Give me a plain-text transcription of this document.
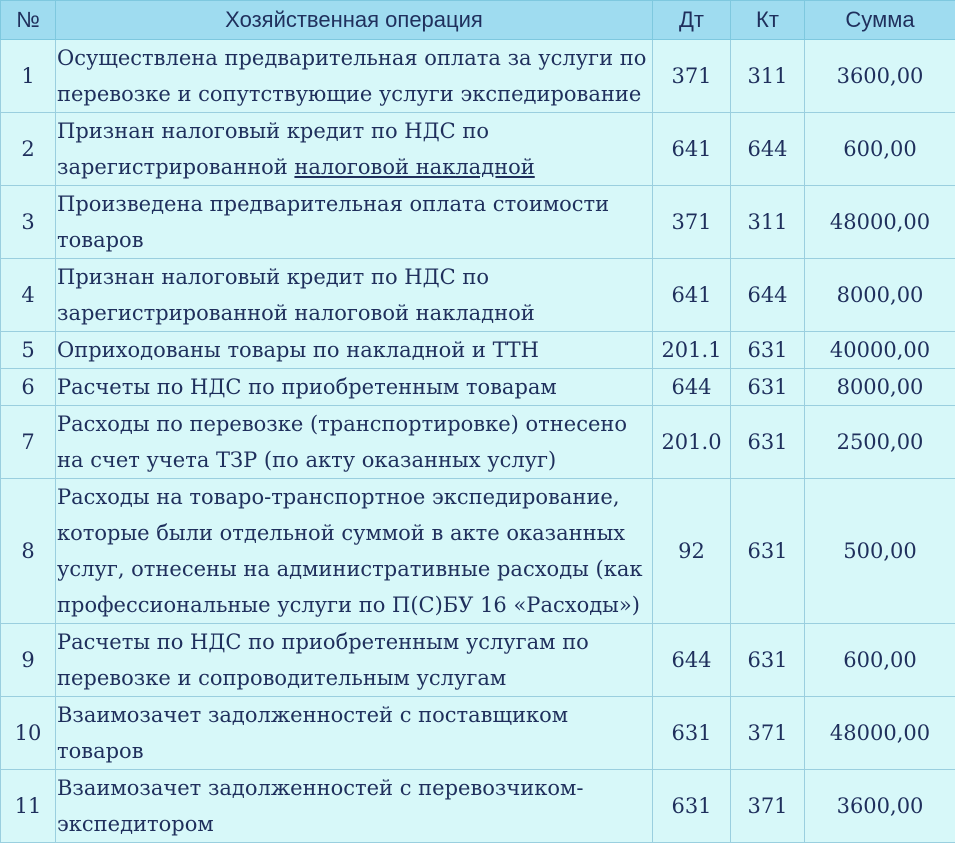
№	Хозяйственная операция	Дт	Кт	Сумма
1	Осуществлена предварительная оплата за услуги по перевозке и сопутствующие услуги экспедирование	371	311	3600,00
2	Признан налоговый кредит по НДС по зарегистрированной налоговой накладной	641	644	600,00
3	Произведена предварительная оплата стоимости товаров	371	311	48000,00
4	Признан налоговый кредит по НДС по зарегистрированной налоговой накладной	641	644	8000,00
5	Оприходованы товары по накладной и ТТН	201.1	631	40000,00
6	Расчеты по НДС по приобретенным товарам	644	631	8000,00
7	Расходы по перевозке (транспортировке) отнесено на счет учета ТЗР (по акту оказанных услуг)	201.0	631	2500,00
8	Расходы на товаро-транспортное экспедирование, которые были отдельной суммой в акте оказанных услуг, отнесены на административные расходы (как профессиональные услуги по П(С)БУ 16 «Расходы»)	92	631	500,00
9	Расчеты по НДС по приобретенным услугам по перевозке и сопроводительным услугам	644	631	600,00
10	Взаимозачет задолженностей с поставщиком товаров	631	371	48000,00
11	Взаимозачет задолженностей с перевозчиком-экспедитором	631	371	3600,00
